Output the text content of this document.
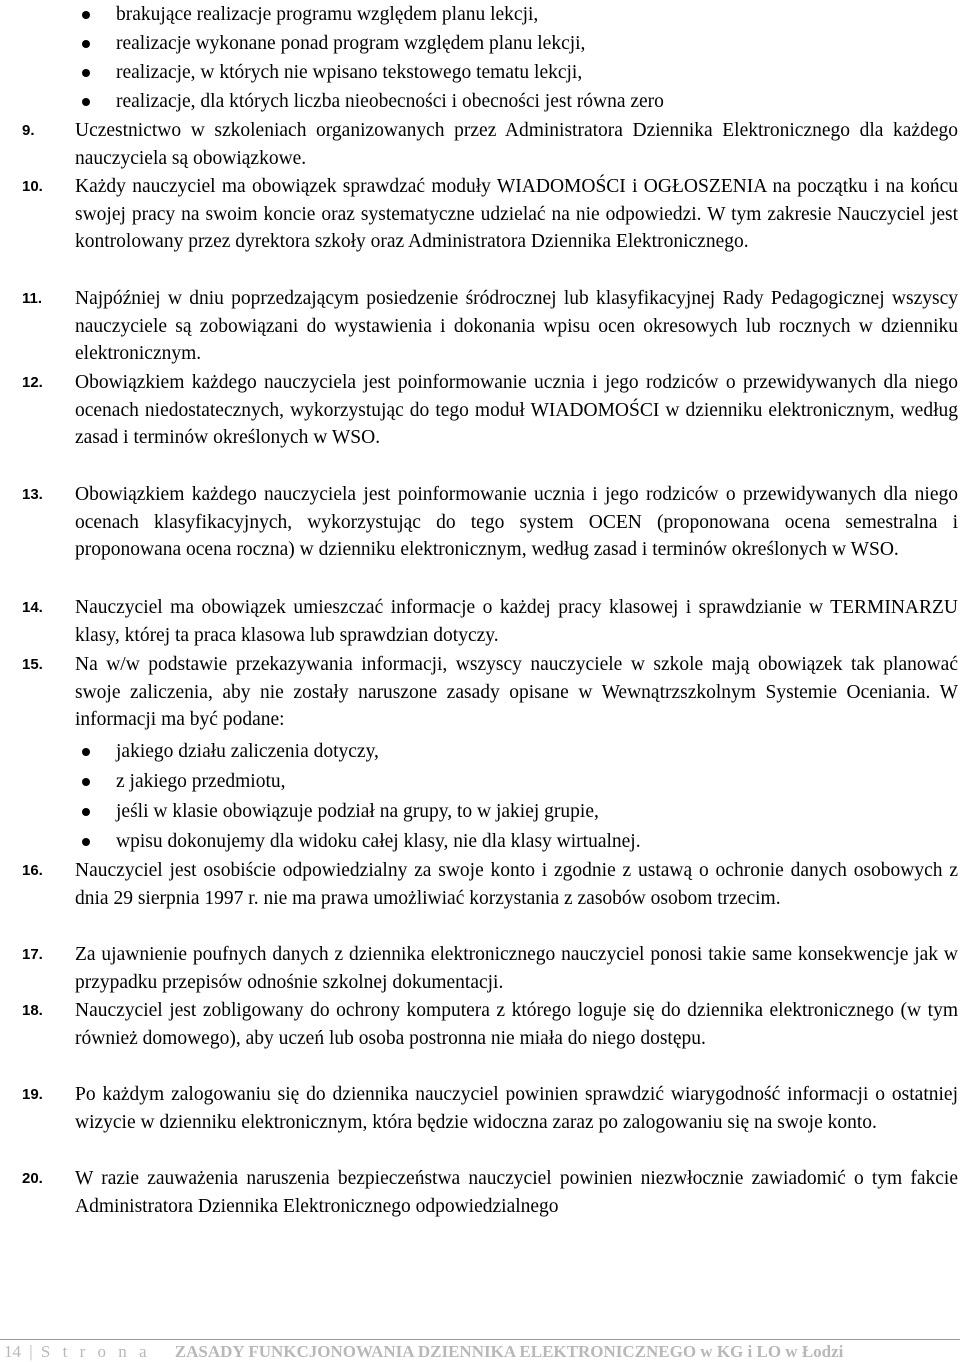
brakujące realizacje programu względem planu lekcji,
realizacje wykonane ponad program względem planu lekcji,
realizacje, w których nie wpisano tekstowego tematu lekcji,
realizacje, dla których liczba nieobecności i obecności jest równa zero
9.	Uczestnictwo w szkoleniach organizowanych przez Administratora Dziennika Elektronicznego dla każdego nauczyciela są obowiązkowe.

10.	Każdy nauczyciel ma obowiązek sprawdzać moduły WIADOMOŚCI i OGŁOSZENIA na początku i na końcu swojej pracy na swoim koncie oraz systematyczne udzielać na nie odpowiedzi. W tym zakresie Nauczyciel jest kontrolowany przez dyrektora szkoły oraz Administratora Dziennika Elektronicznego.

11.	Najpóźniej w dniu poprzedzającym posiedzenie śródrocznej lub klasyfikacyjnej Rady Pedagogicznej wszyscy nauczyciele są zobowiązani do wystawienia i dokonania wpisu ocen okresowych lub rocznych w dzienniku elektronicznym.

12.	Obowiązkiem każdego nauczyciela jest poinformowanie ucznia i jego rodziców o przewidywanych dla niego ocenach niedostatecznych, wykorzystując do tego moduł WIADOMOŚCI w dzienniku elektronicznym, według zasad i terminów określonych w WSO.

13.	Obowiązkiem każdego nauczyciela jest poinformowanie ucznia i jego rodziców o przewidywanych dla niego ocenach klasyfikacyjnych, wykorzystując do tego system OCEN (proponowana ocena semestralna i proponowana ocena roczna) w dzienniku elektronicznym, według zasad i terminów określonych w WSO.

14.	Nauczyciel ma obowiązek umieszczać informacje o każdej pracy klasowej i sprawdzianie w TERMINARZU klasy, której ta praca klasowa lub sprawdzian dotyczy.

15.	Na w/w podstawie przekazywania informacji, wszyscy nauczyciele w szkole mają obowiązek tak planować swoje zaliczenia, aby nie zostały naruszone zasady opisane w Wewnątrzszkolnym Systemie Oceniania. W informacji ma być podane:

jakiego działu zaliczenia dotyczy,
z jakiego przedmiotu,
jeśli w klasie obowiązuje podział na grupy, to w jakiej grupie,
wpisu dokonujemy dla widoku całej klasy, nie dla klasy wirtualnej.
16.	Nauczyciel jest osobiście odpowiedzialny za swoje konto i zgodnie z ustawą o ochronie danych osobowych z dnia 29 sierpnia 1997 r. nie ma prawa umożliwiać korzystania z zasobów osobom trzecim.

17.	Za ujawnienie poufnych danych z dziennika elektronicznego nauczyciel ponosi takie same konsekwencje jak w przypadku przepisów odnośnie szkolnej dokumentacji.

18.	Nauczyciel jest zobligowany do ochrony komputera z którego loguje się do dziennika elektronicznego (w tym również domowego), aby uczeń lub osoba postronna nie miała do niego dostępu.

19.	Po każdym zalogowaniu się do dziennika nauczyciel powinien sprawdzić wiarygodność informacji o ostatniej wizycie w dzienniku elektronicznym, która będzie widoczna zaraz po zalogowaniu się na swoje konto.

20.	W razie zauważenia naruszenia bezpieczeństwa nauczyciel powinien niezwłocznie zawiadomić o tym fakcie Administratora Dziennika Elektronicznego odpowiedzialnego

14 | S t r o n a ZASADY FUNKCJONOWANIA DZIENNIKA ELEKTRONICZNEGO w KG i LO w Łodzi
